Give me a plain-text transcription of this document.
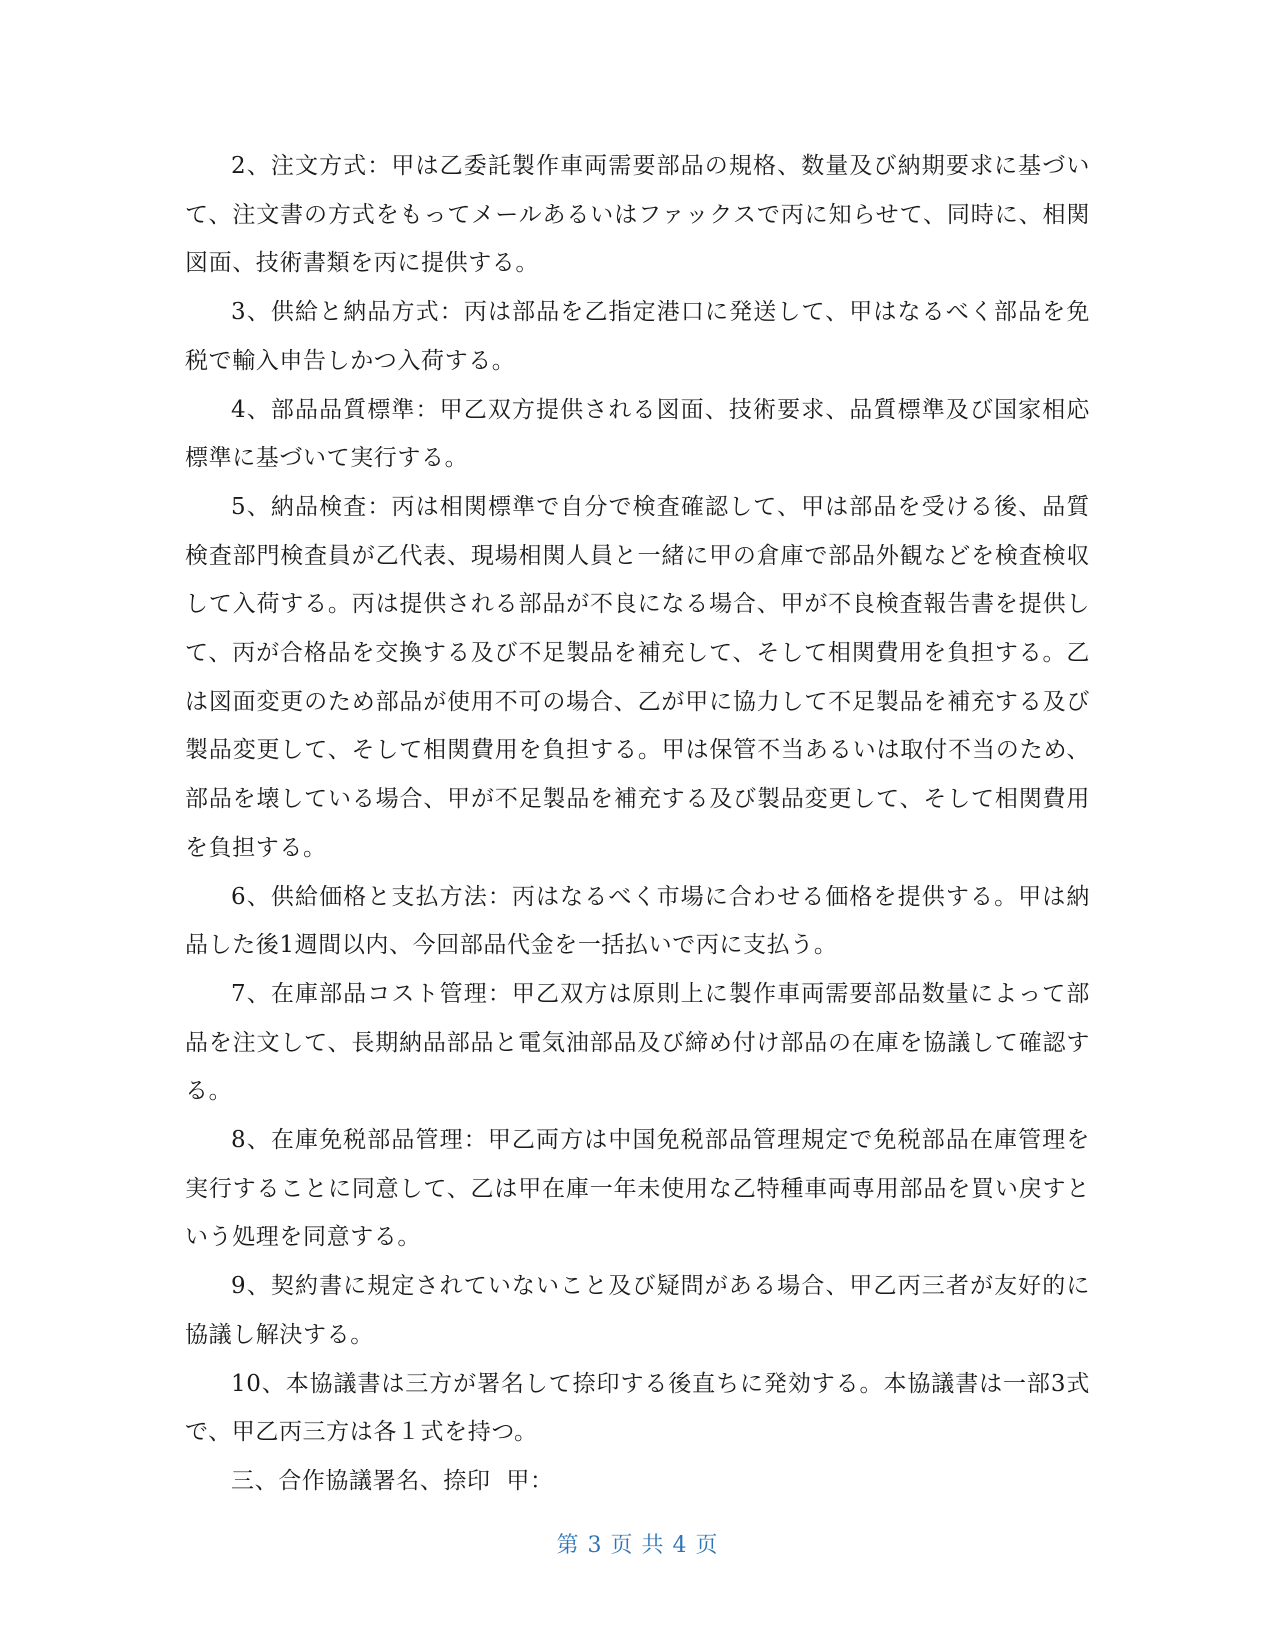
2、注文方式：甲は乙委託製作車両需要部品の規格、数量及び納期要求に基づいて、注文書の方式をもってメールあるいはファックスで丙に知らせて、同時に、相関図面、技術書類を丙に提供する。

3、供給と納品方式：丙は部品を乙指定港口に発送して、甲はなるべく部品を免税で輸入申告しかつ入荷する。

4、部品品質標準：甲乙双方提供される図面、技術要求、品質標準及び国家相応標準に基づいて実行する。

5、納品検査：丙は相関標準で自分で検査確認して、甲は部品を受ける後、品質検査部門検査員が乙代表、現場相関人員と一緒に甲の倉庫で部品外観などを検査検収して入荷する。丙は提供される部品が不良になる場合、甲が不良検査報告書を提供して、丙が合格品を交換する及び不足製品を補充して、そして相関費用を負担する。乙は図面変更のため部品が使用不可の場合、乙が甲に協力して不足製品を補充する及び製品変更して、そして相関費用を負担する。甲は保管不当あるいは取付不当のため、部品を壊している場合、甲が不足製品を補充する及び製品変更して、そして相関費用を負担する。

6、供給価格と支払方法：丙はなるべく市場に合わせる価格を提供する。甲は納品した後1週間以内、今回部品代金を一括払いで丙に支払う。

7、在庫部品コスト管理：甲乙双方は原則上に製作車両需要部品数量によって部品を注文して、長期納品部品と電気油部品及び締め付け部品の在庫を協議して確認する。

8、在庫免税部品管理：甲乙両方は中国免税部品管理規定で免税部品在庫管理を実行することに同意して、乙は甲在庫一年未使用な乙特種車両専用部品を買い戻すという処理を同意する。

9、契約書に規定されていないこと及び疑問がある場合、甲乙丙三者が友好的に協議し解決する。

10、本協議書は三方が署名して捺印する後直ちに発効する。本協議書は一部3式で、甲乙丙三方は各１式を持つ。

三、合作協議署名、捺印  甲：

第 3 页 共 4 页
